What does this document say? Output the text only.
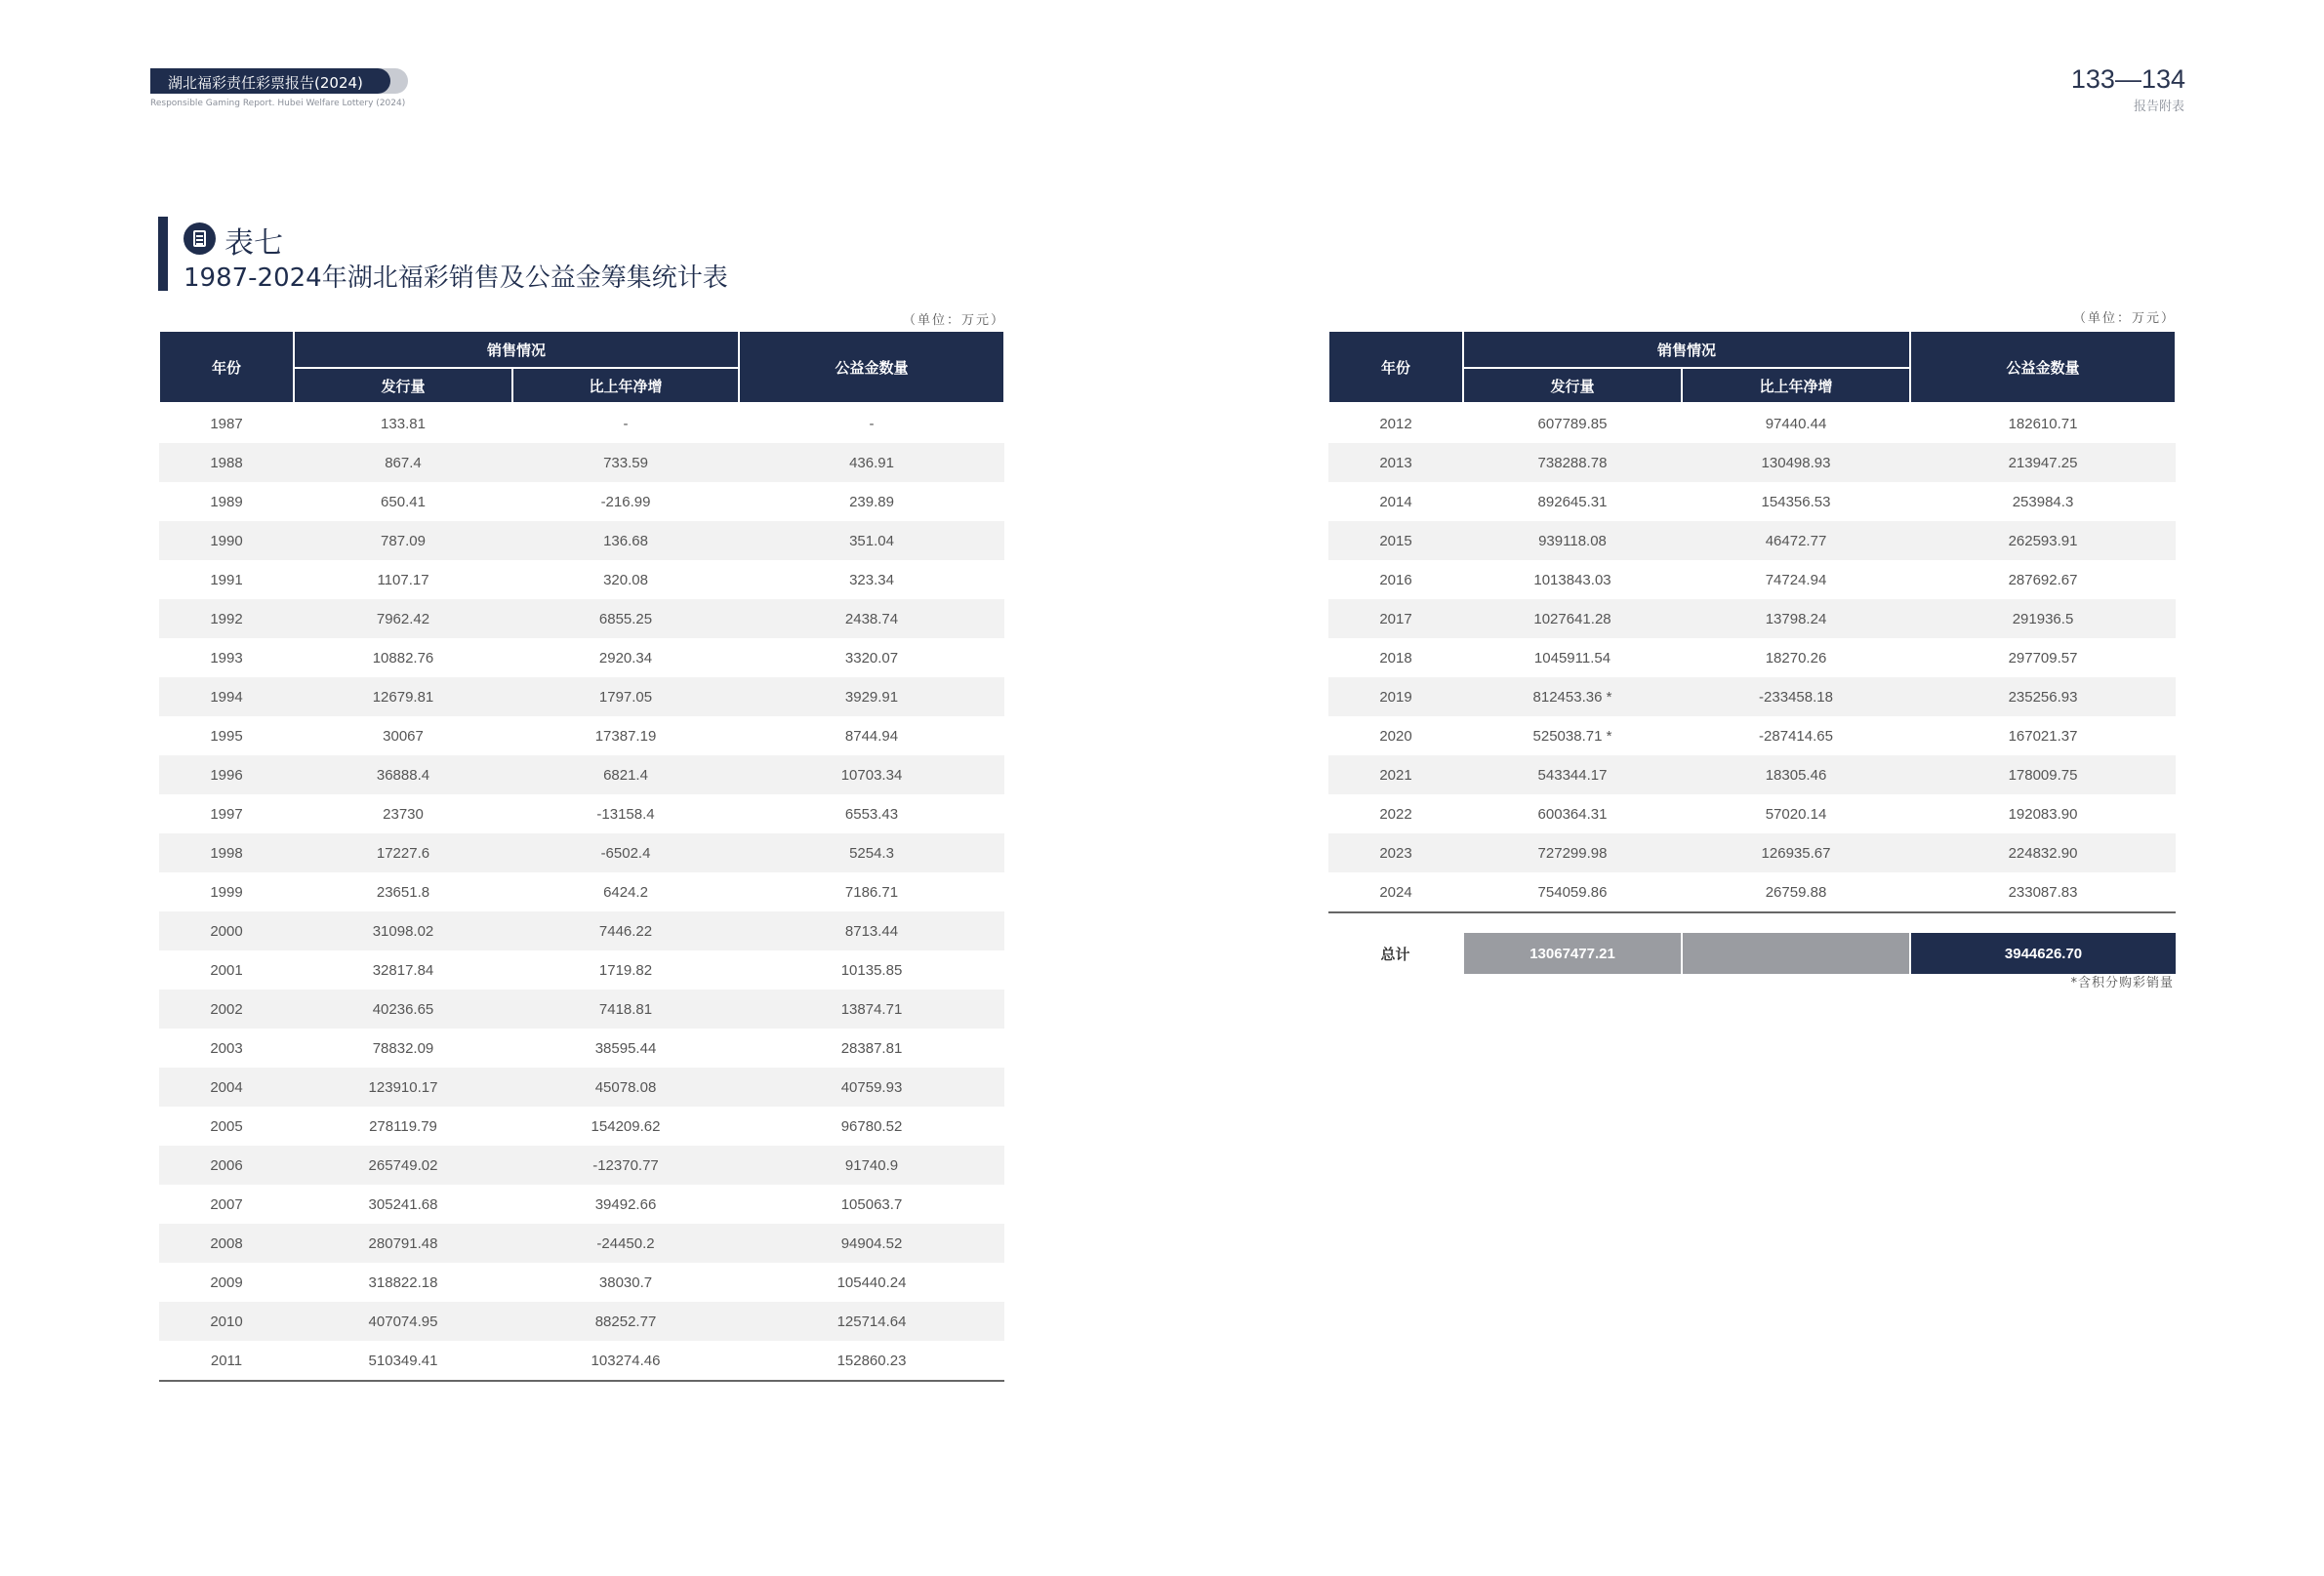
湖北福彩责任彩票报告(2024)
Responsible Gaming Report. Hubei Welfare Lottery (2024)
133—134
报告附表
表七
1987-2024年湖北福彩销售及公益金筹集统计表
（单位：万元）	（单位：万元）
年份	销售情况		公益金数量
	发行量	比上年净增	
1987	133.81	-	-
1988	867.4	733.59	436.91
1989	650.41	-216.99	239.89
1990	787.09	136.68	351.04
1991	1107.17	320.08	323.34
1992	7962.42	6855.25	2438.74
1993	10882.76	2920.34	3320.07
1994	12679.81	1797.05	3929.91
1995	30067	17387.19	8744.94
1996	36888.4	6821.4	10703.34
1997	23730	-13158.4	6553.43
1998	17227.6	-6502.4	5254.3
1999	23651.8	6424.2	7186.71
2000	31098.02	7446.22	8713.44
2001	32817.84	1719.82	10135.85
2002	40236.65	7418.81	13874.71
2003	78832.09	38595.44	28387.81
2004	123910.17	45078.08	40759.93
2005	278119.79	154209.62	96780.52
2006	265749.02	-12370.77	91740.9
2007	305241.68	39492.66	105063.7
2008	280791.48	-24450.2	94904.52
2009	318822.18	38030.7	105440.24
2010	407074.95	88252.77	125714.64
2011	510349.41	103274.46	152860.23
年份	销售情况		公益金数量
	发行量	比上年净增	
2012	607789.85	97440.44	182610.71
2013	738288.78	130498.93	213947.25
2014	892645.31	154356.53	253984.3
2015	939118.08	46472.77	262593.91
2016	1013843.03	74724.94	287692.67
2017	1027641.28	13798.24	291936.5
2018	1045911.54	18270.26	297709.57
2019	812453.36 *	-233458.18	235256.93
2020	525038.71 *	-287414.65	167021.37
2021	543344.17	18305.46	178009.75
2022	600364.31	57020.14	192083.90
2023	727299.98	126935.67	224832.90
2024	754059.86	26759.88	233087.83

总计	13067477.21		3944626.70
*含积分购彩销量
